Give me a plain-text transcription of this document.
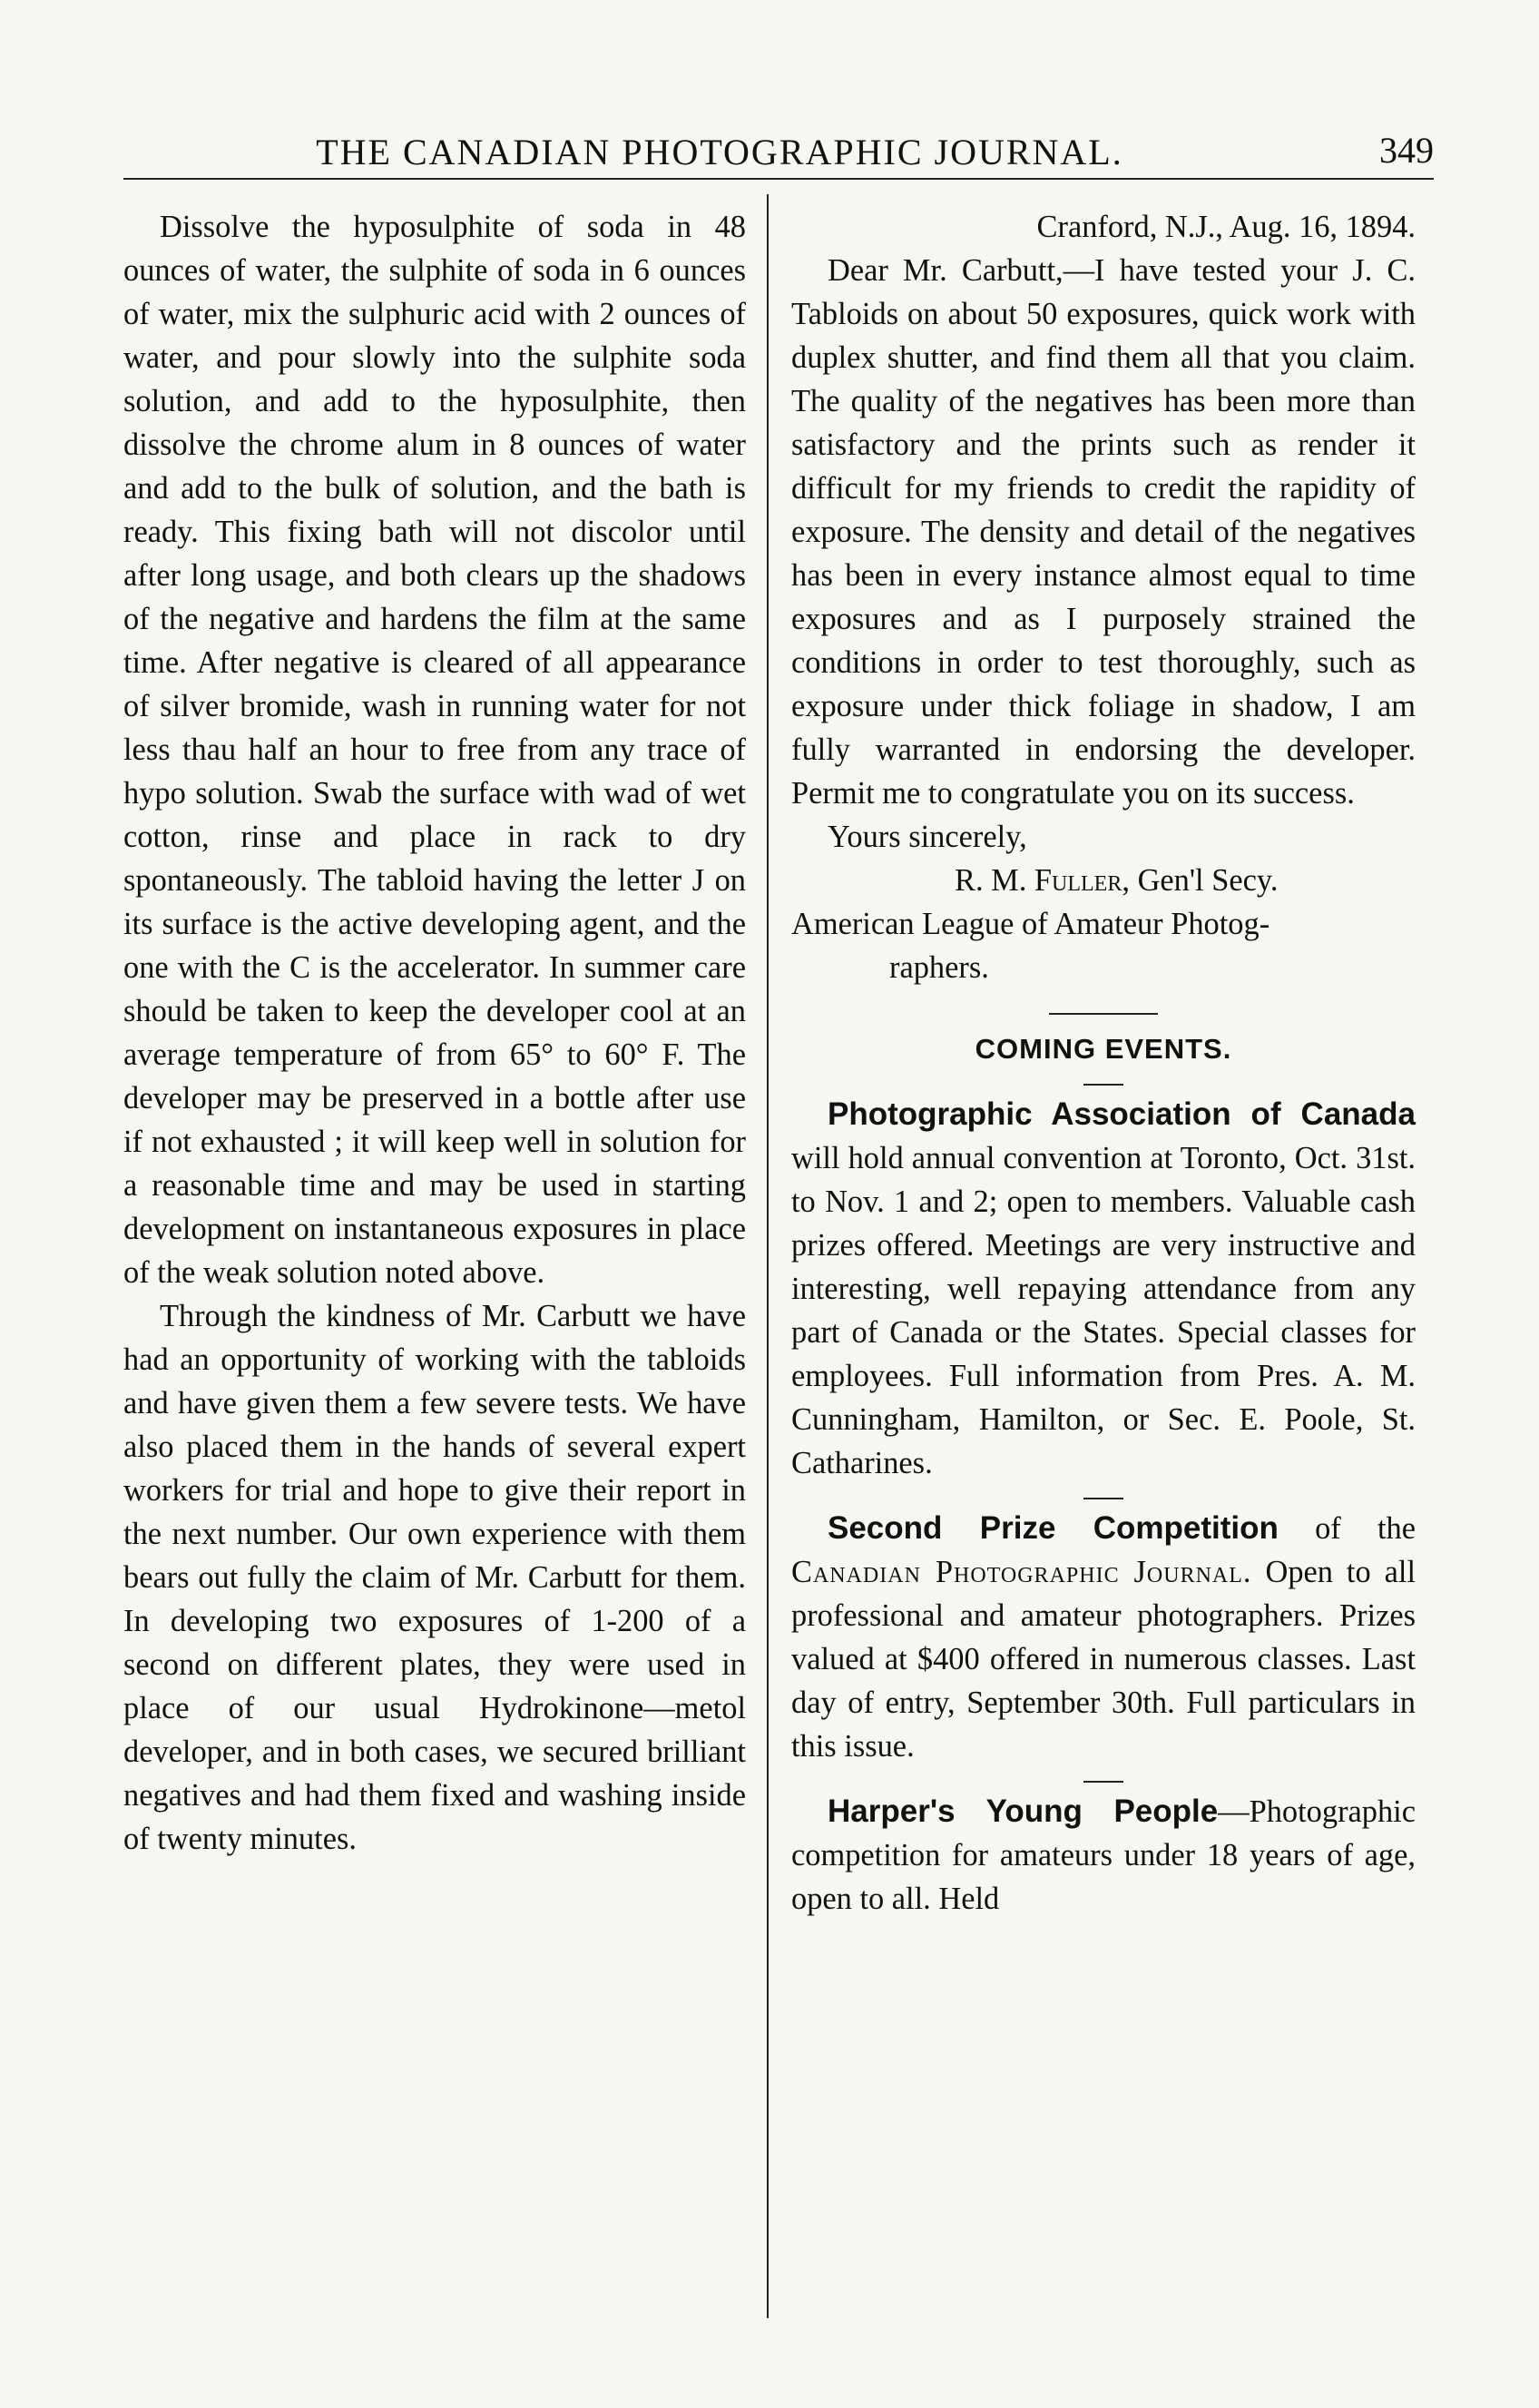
THE CANADIAN PHOTOGRAPHIC JOURNAL.	349

Dissolve the hyposulphite of soda in 48 ounces of water, the sulphite of soda in 6 ounces of water, mix the sulphuric acid with 2 ounces of water, and pour slowly into the sulphite soda solution, and add to the hyposulphite, then dissolve the chrome alum in 8 ounces of water and add to the bulk of solution, and the bath is ready. This fixing bath will not discolor until after long usage, and both clears up the shadows of the negative and hardens the film at the same time. After negative is cleared of all appearance of silver bromide, wash in running water for not less thau half an hour to free from any trace of hypo solution. Swab the surface with wad of wet cotton, rinse and place in rack to dry spontaneously. The tabloid having the letter J on its surface is the active developing agent, and the one with the C is the accelerator. In summer care should be taken to keep the developer cool at an average temperature of from 65° to 60° F. The developer may be preserved in a bottle after use if not exhausted ; it will keep well in solution for a reasonable time and may be used in starting development on instantaneous exposures in place of the weak solution noted above.

Through the kindness of Mr. Carbutt we have had an opportunity of working with the tabloids and have given them a few severe tests. We have also placed them in the hands of several expert workers for trial and hope to give their report in the next number. Our own experience with them bears out fully the claim of Mr. Carbutt for them. In developing two exposures of 1-200 of a second on different plates, they were used in place of our usual Hydrokinone—metol developer, and in both cases, we secured brilliant negatives and had them fixed and washing inside of twenty minutes.

Cranford, N.J., Aug. 16, 1894.

Dear Mr. Carbutt,—I have tested your J. C. Tabloids on about 50 exposures, quick work with duplex shutter, and find them all that you claim. The quality of the negatives has been more than satisfactory and the prints such as render it difficult for my friends to credit the rapidity of exposure. The density and detail of the negatives has been in every instance almost equal to time exposures and as I purposely strained the conditions in order to test thoroughly, such as exposure under thick foliage in shadow, I am fully warranted in endorsing the developer. Permit me to congratulate you on its success.

Yours sincerely,

R. M. Fuller, Gen'l Secy.

American League of Amateur Photog-

raphers.

COMING EVENTS.

Photographic Association of Canada will hold annual convention at Toronto, Oct. 31st. to Nov. 1 and 2; open to members. Valuable cash prizes offered. Meetings are very instructive and interesting, well repaying attendance from any part of Canada or the States. Special classes for employees. Full information from Pres. A. M. Cunningham, Hamilton, or Sec. E. Poole, St. Catharines.

Second Prize Competition of the Canadian Photographic Journal. Open to all professional and amateur photographers. Prizes valued at $400 offered in numerous classes. Last day of entry, September 30th. Full particulars in this issue.

Harper's Young People—Photographic competition for amateurs under 18 years of age, open to all. Held
